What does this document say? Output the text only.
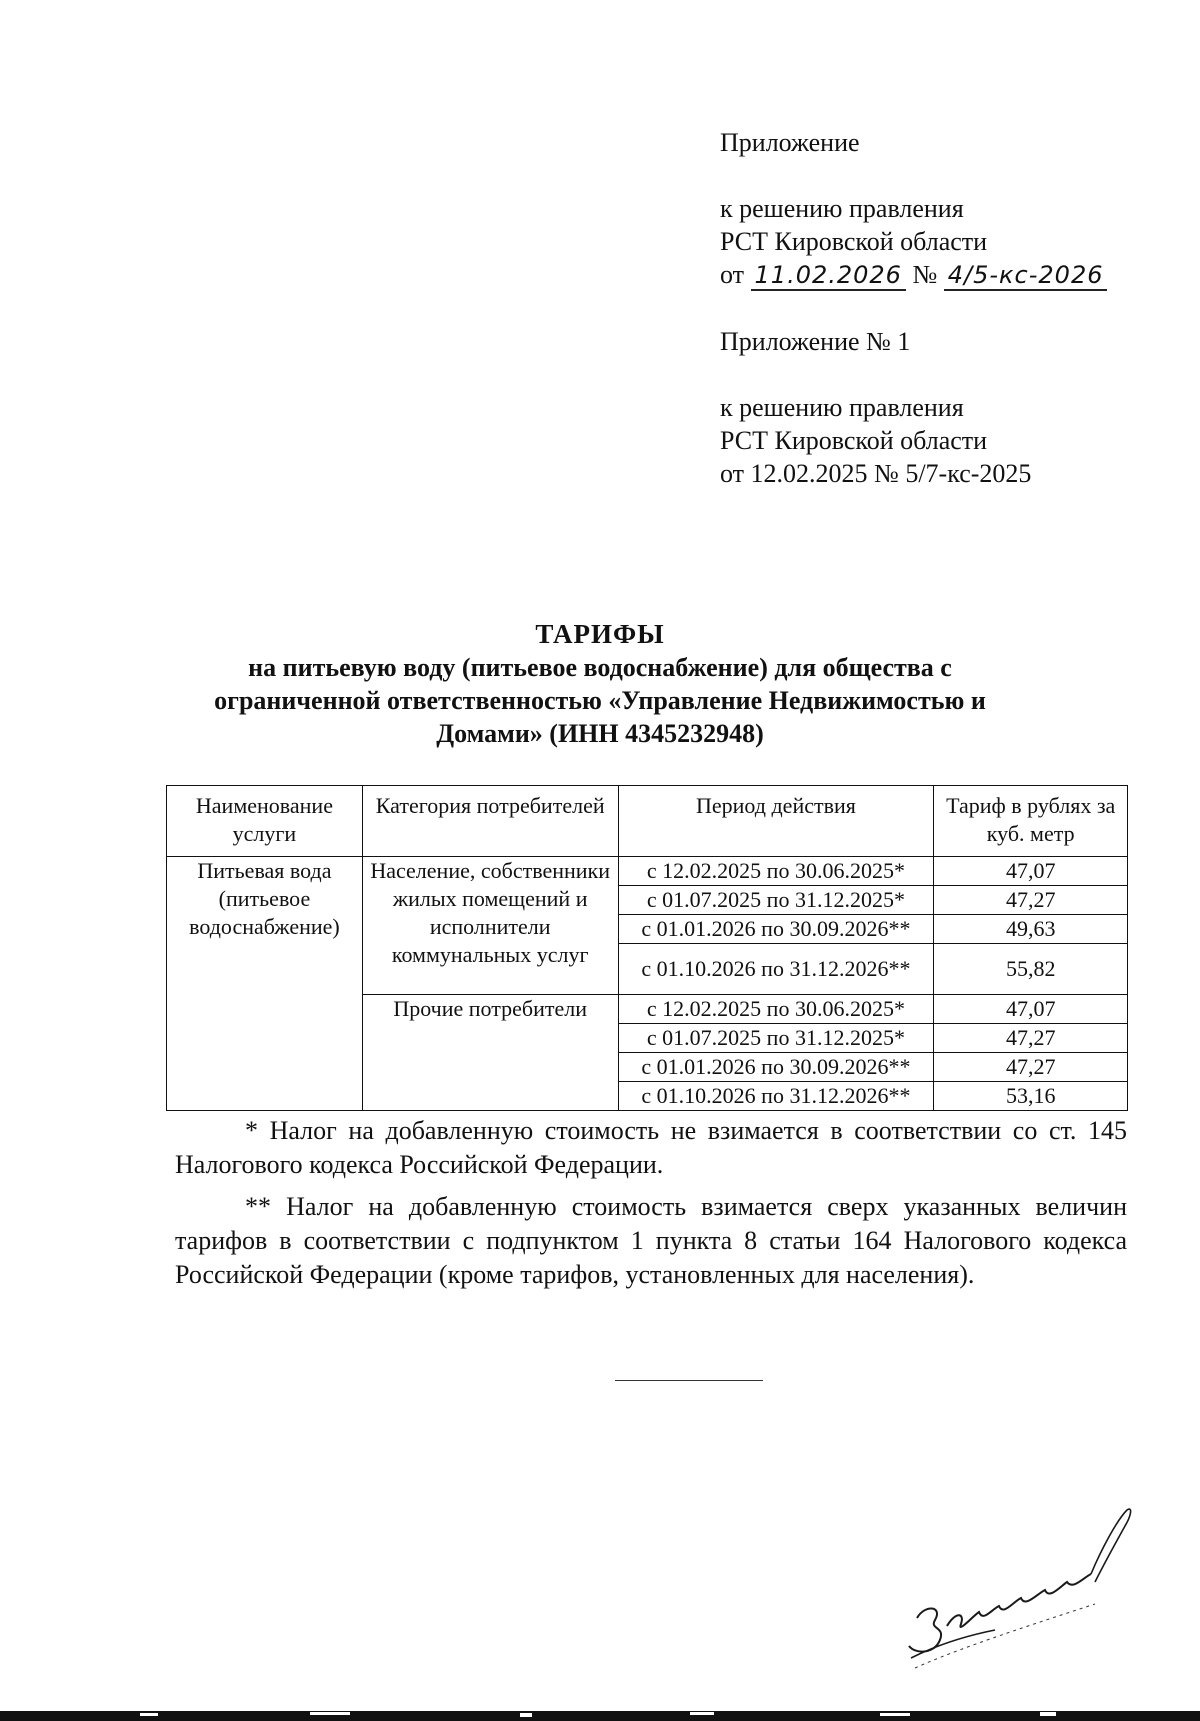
Приложение
к решению правления
РСТ Кировской области
от 11.02.2026 № 4/5-кс-2026
Приложение № 1
к решению правления
РСТ Кировской области
от 12.02.2025 № 5/7-кс-2025
ТАРИФЫ
на питьевую воду (питьевое водоснабжение) для общества с
ограниченной ответственностью «Управление Недвижимостью и
Домами» (ИНН 4345232948)
Наименование услуги	Категория потребителей	Период действия	Тариф в рублях за куб. метр
Питьевая вода (питьевое водоснабжение)	Население, собственники жилых помещений и исполнители коммунальных услуг	с 12.02.2025 по 30.06.2025*	47,07
		с 01.07.2025 по 31.12.2025*	47,27
		с 01.01.2026 по 30.09.2026**	49,63
		с 01.10.2026 по 31.12.2026**	55,82
	Прочие потребители	с 12.02.2025 по 30.06.2025*	47,07
		с 01.07.2025 по 31.12.2025*	47,27
		с 01.01.2026 по 30.09.2026**	47,27
		с 01.10.2026 по 31.12.2026**	53,16

* Налог на добавленную стоимость не взимается в соответствии со ст. 145 Налогового кодекса Российской Федерации.

** Налог на добавленную стоимость взимается сверх указанных величин тарифов в соответствии с подпунктом 1 пункта 8 статьи 164 Налогового кодекса Российской Федерации (кроме тарифов, установленных для населения).
